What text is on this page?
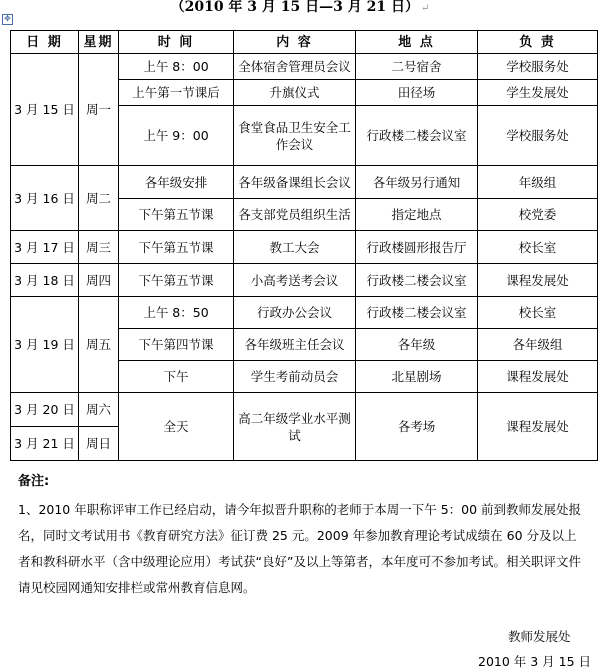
✥
（2010 年 3 月 15 日—3 月 21 日） ↵
日 期	星期	时 间	内 容	地 点	负 责
3 月 15 日	周一	上午 8：00	全体宿舍管理员会议	二号宿舍	学校服务处
		上午第一节课后	升旗仪式	田径场	学生发展处
		上午 9：00	食堂食品卫生安全工作会议	行政楼二楼会议室	学校服务处
3 月 16 日	周二	各年级安排	各年级备课组长会议	各年级另行通知	年级组
		下午第五节课	各支部党员组织生活	指定地点	校党委
3 月 17 日	周三	下午第五节课	教工大会	行政楼圆形报告厅	校长室
3 月 18 日	周四	下午第五节课	小高考送考会议	行政楼二楼会议室	课程发展处
3 月 19 日	周五	上午 8：50	行政办公会议	行政楼二楼会议室	校长室
		下午第四节课	各年级班主任会议	各年级	各年级组
		下午	学生考前动员会	北星剧场	课程发展处
3 月 20 日	周六	全天	高二年级学业水平测试	各考场	课程发展处
3 月 21 日	周日				
备注:

1、2010 年职称评审工作已经启动，请今年拟晋升职称的老师于本周一下午 5：00 前到教师发展处报名，同时文考试用书《教育研究方法》征订费 25 元。2009 年参加教育理论考试成绩在 60 分及以上者和教科研水平（含中级理论应用）考试获“良好”及以上等第者，本年度可不参加考试。相关职评文件请见校园网通知安排栏或常州教育信息网。

教师发展处
2010 年 3 月 15 日
